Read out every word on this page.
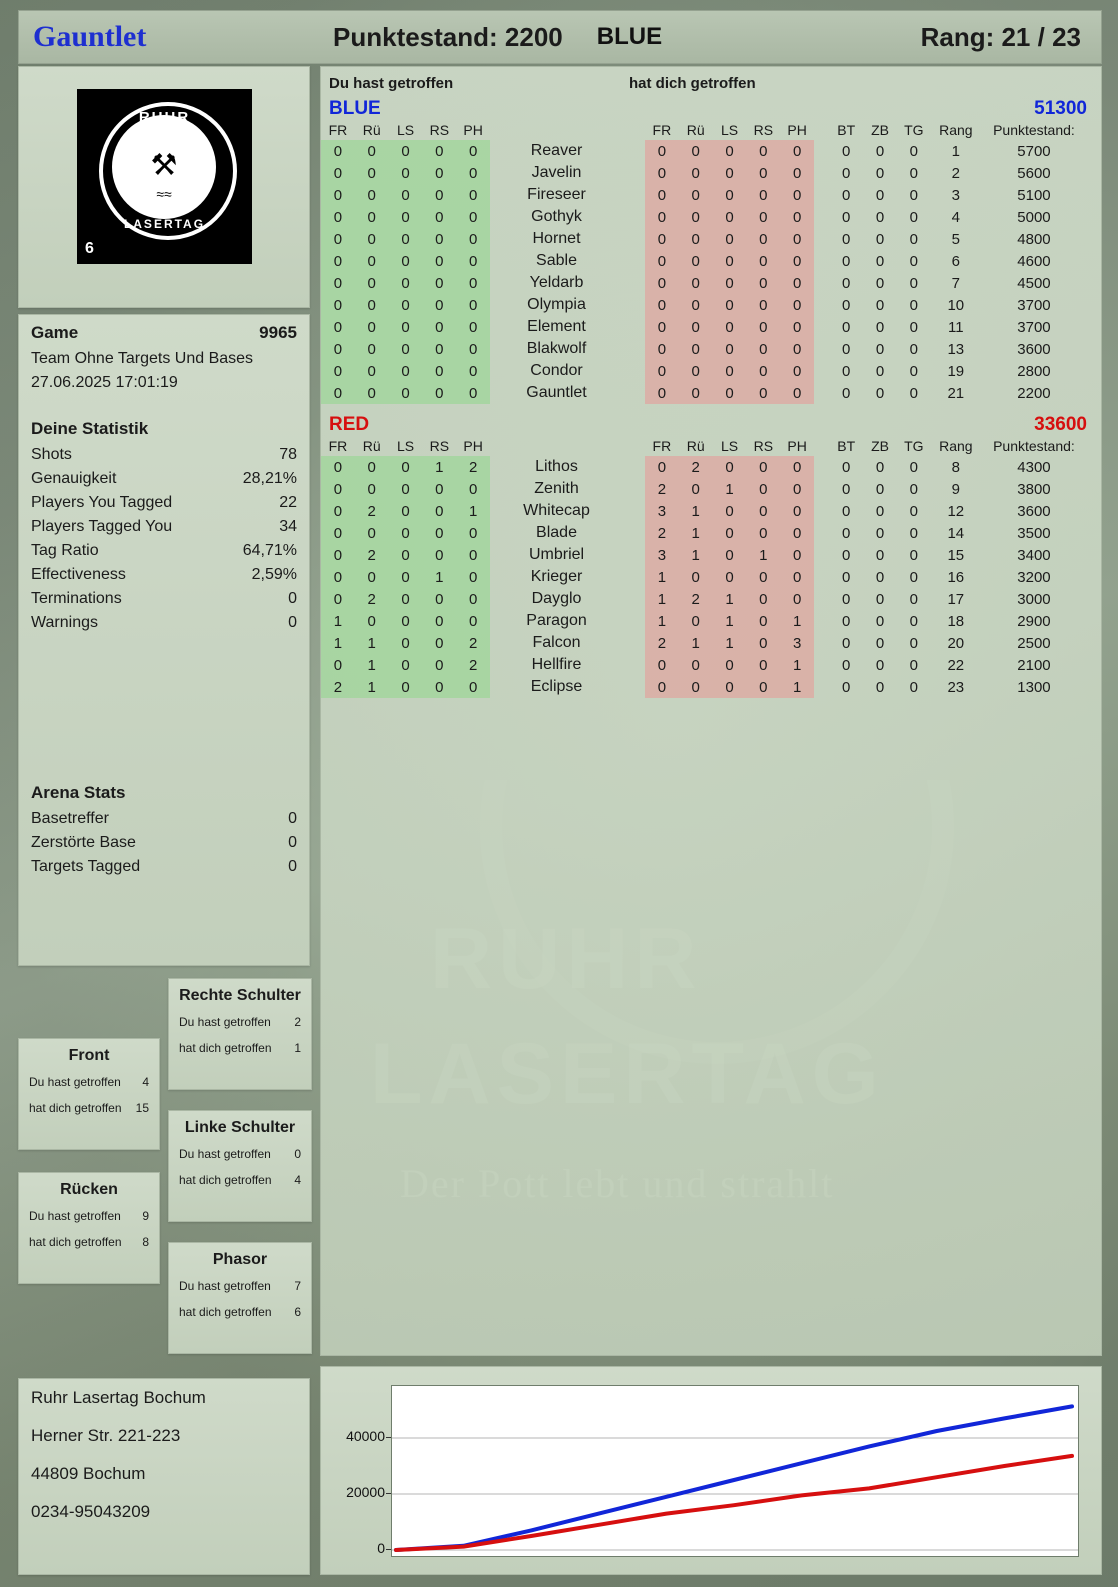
Gauntlet	Punktestand: 2200 BLUE	Rang: 21 / 23
RUHR
⚒
≈≈
LASERTAG
6
Game	9965
Team Ohne Targets Und Bases
27.06.2025 17:01:19
Deine Statistik
Shots	78
Genauigkeit	28,21%
Players You Tagged	22
Players Tagged You	34
Tag Ratio	64,71%
Effectiveness	2,59%
Terminations	0
Warnings	0
Arena Stats
Basetreffer	0
Zerstörte Base	0
Targets Tagged	0
Front
Du hast getroffen 4
hat dich getroffen 15
Rechte Schulter
Du hast getroffen 2
hat dich getroffen 1
Rücken
Du hast getroffen 9
hat dich getroffen 8
Linke Schulter
Du hast getroffen 0
hat dich getroffen 4
Phasor
Du hast getroffen 7
hat dich getroffen 6
Ruhr Lasertag Bochum
Herner Str. 221-223
44809 Bochum
0234-95043209
Du hast getroffen	hat dich getroffen
BLUE	51300
FR	Rü	LS	RS	PH		FR	Rü	LS	RS	PH		BT	ZB	TG	Rang	Punktestand:
0	0	0	0	0	Reaver	0	0	0	0	0		0	0	0	1	5700
0	0	0	0	0	Javelin	0	0	0	0	0		0	0	0	2	5600
0	0	0	0	0	Fireseer	0	0	0	0	0		0	0	0	3	5100
0	0	0	0	0	Gothyk	0	0	0	0	0		0	0	0	4	5000
0	0	0	0	0	Hornet	0	0	0	0	0		0	0	0	5	4800
0	0	0	0	0	Sable	0	0	0	0	0		0	0	0	6	4600
0	0	0	0	0	Yeldarb	0	0	0	0	0		0	0	0	7	4500
0	0	0	0	0	Olympia	0	0	0	0	0		0	0	0	10	3700
0	0	0	0	0	Element	0	0	0	0	0		0	0	0	11	3700
0	0	0	0	0	Blakwolf	0	0	0	0	0		0	0	0	13	3600
0	0	0	0	0	Condor	0	0	0	0	0		0	0	0	19	2800
0	0	0	0	0	Gauntlet	0	0	0	0	0		0	0	0	21	2200
RED	33600
FR	Rü	LS	RS	PH		FR	Rü	LS	RS	PH		BT	ZB	TG	Rang	Punktestand:
0	0	0	1	2	Lithos	0	2	0	0	0		0	0	0	8	4300
0	0	0	0	0	Zenith	2	0	1	0	0		0	0	0	9	3800
0	2	0	0	1	Whitecap	3	1	0	0	0		0	0	0	12	3600
0	0	0	0	0	Blade	2	1	0	0	0		0	0	0	14	3500
0	2	0	0	0	Umbriel	3	1	0	1	0		0	0	0	15	3400
0	0	0	1	0	Krieger	1	0	0	0	0		0	0	0	16	3200
0	2	0	0	0	Dayglo	1	2	1	0	0		0	0	0	17	3000
1	0	0	0	0	Paragon	1	0	1	0	1		0	0	0	18	2900
1	1	0	0	2	Falcon	2	1	1	0	3		0	0	0	20	2500
0	1	0	0	2	Hellfire	0	0	0	0	1		0	0	0	22	2100
2	1	0	0	0	Eclipse	0	0	0	0	1		0	0	0	23	1300
0
20000
40000
